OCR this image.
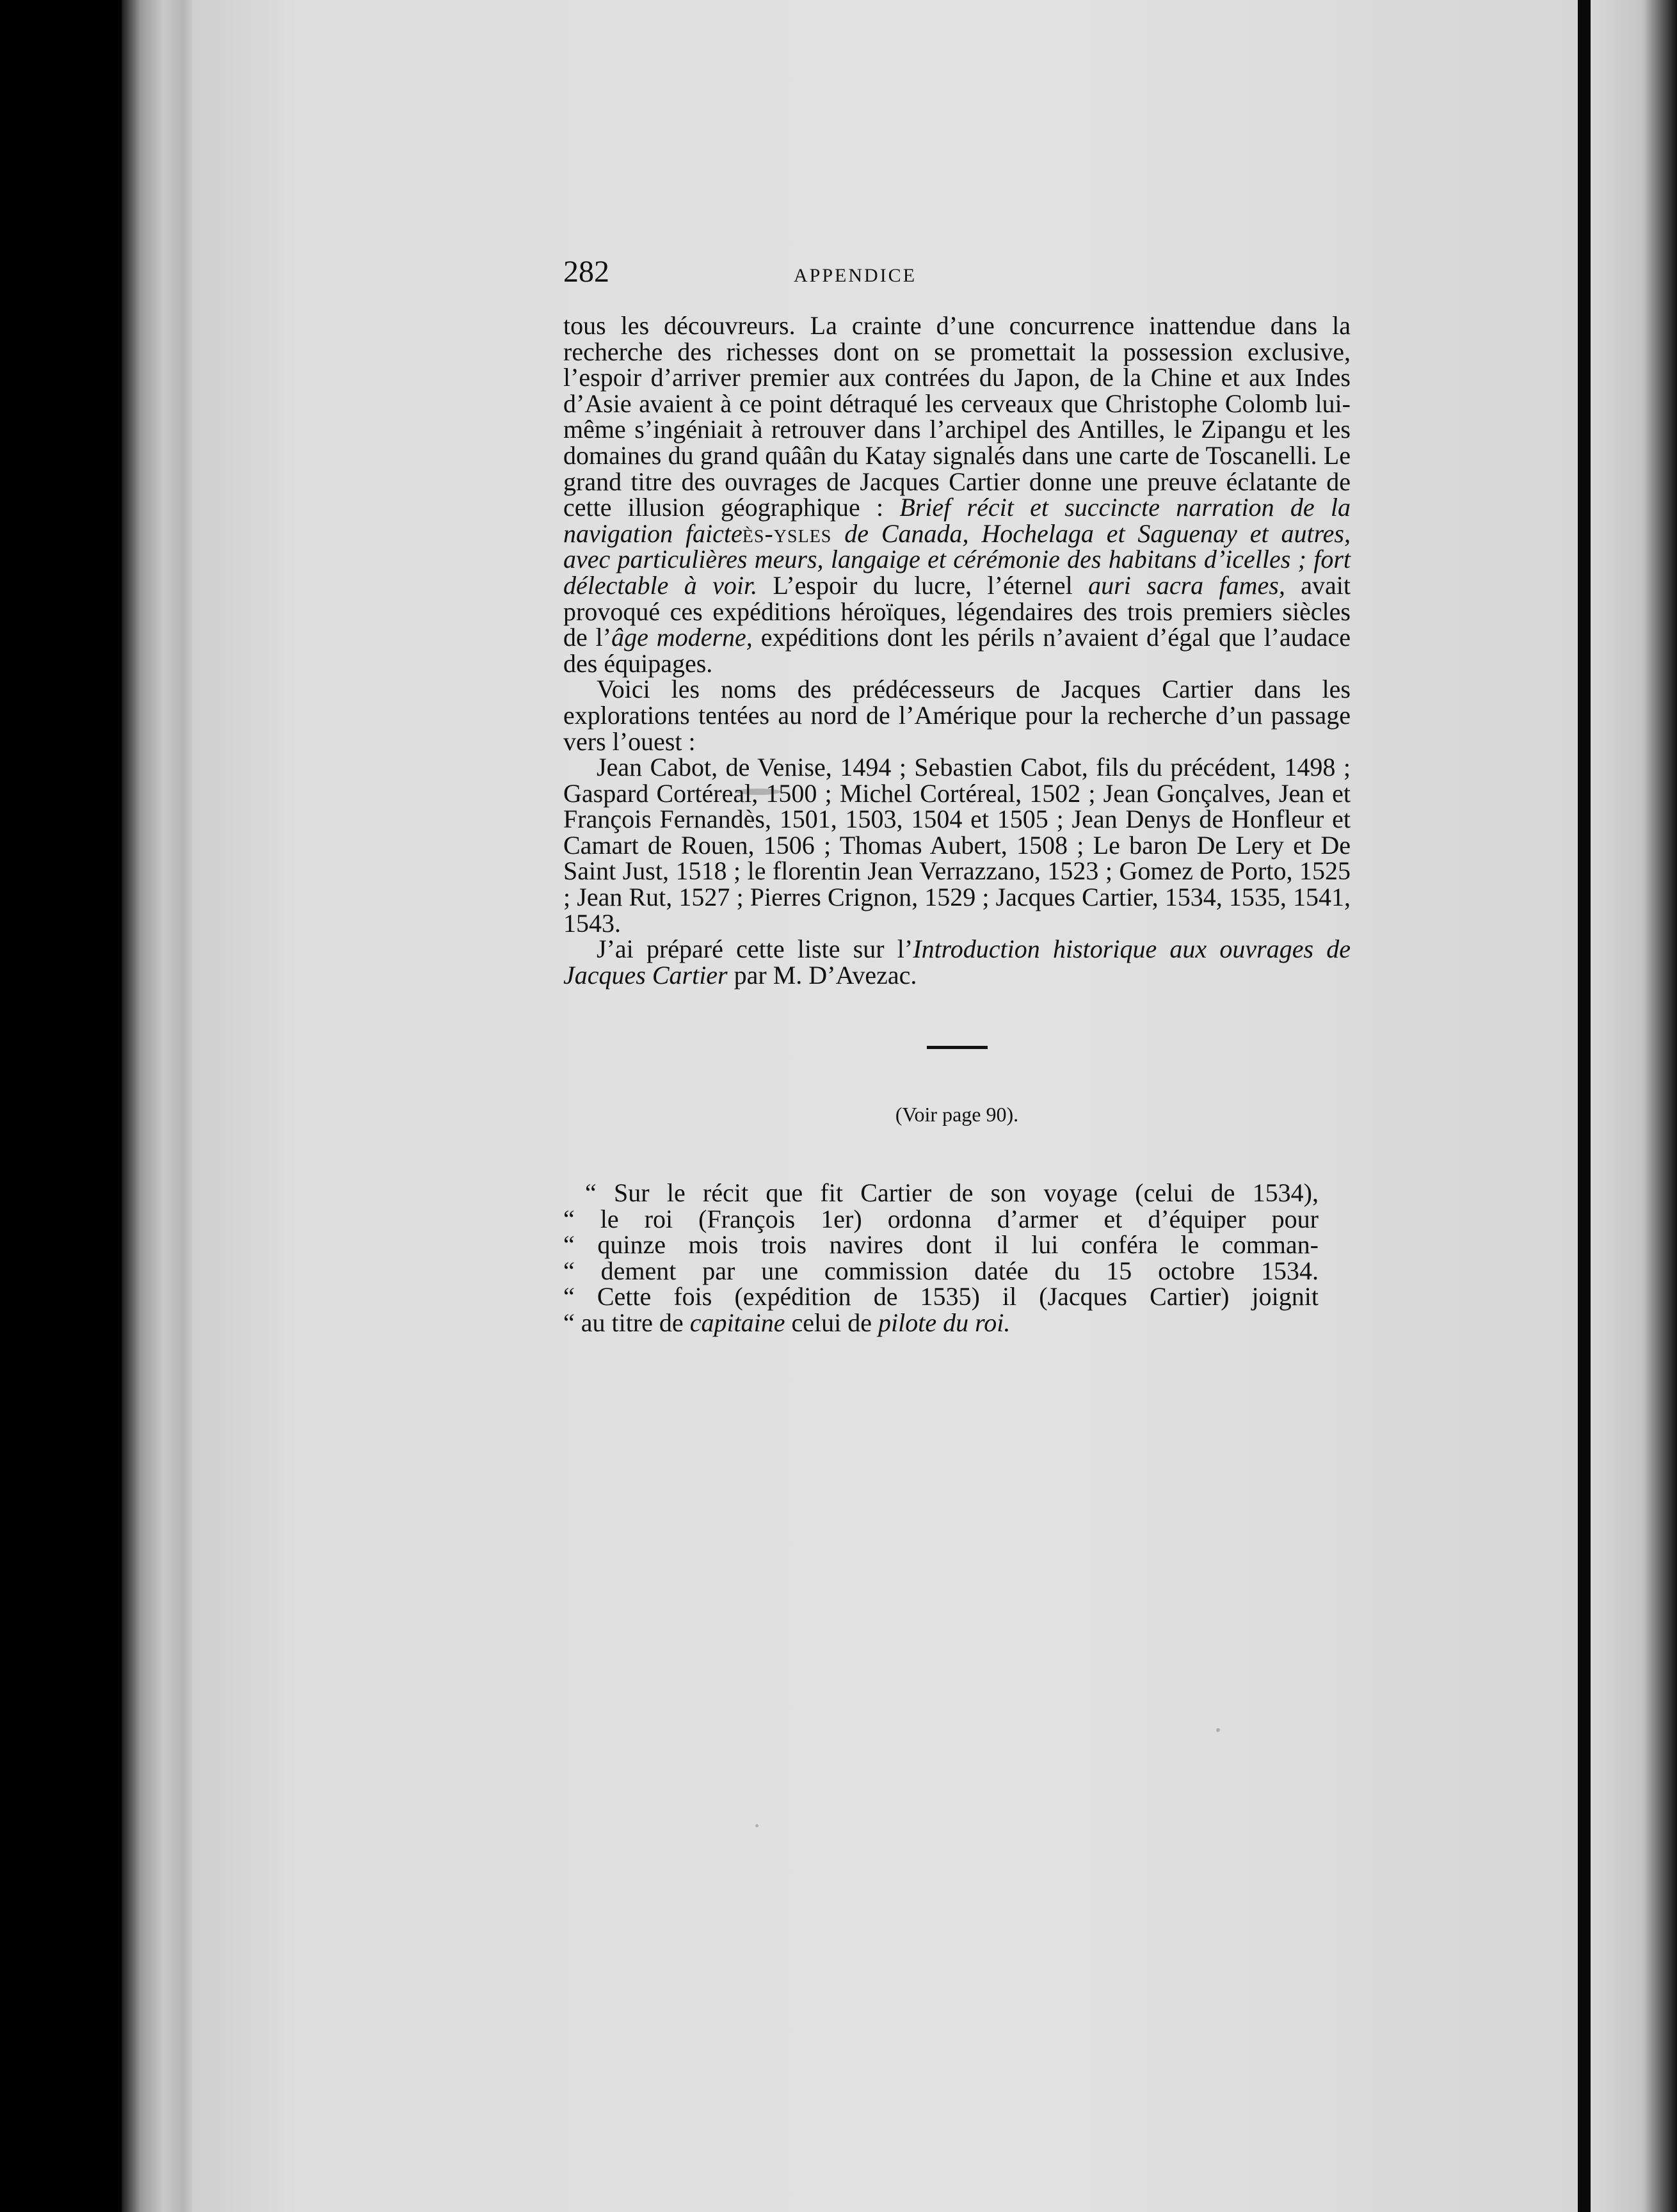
282	APPENDICE

tous les découvreurs. La crainte d’une concurrence inattendue dans la recherche des richesses dont on se promettait la possession exclusive, l’espoir d’arriver premier aux contrées du Japon, de la Chine et aux Indes d’Asie avaient à ce point détraqué les cerveaux que Christophe Colomb lui-même s’ingéniait à retrouver dans l’archipel des Antilles, le Zipangu et les domaines du grand quâân du Katay signalés dans une carte de Toscanelli. Le grand titre des ouvrages de Jacques Cartier donne une preuve éclatante de cette illusion géographique : Brief récit et succincte narration de la navigation faicteès-ysles de Canada, Hochelaga et Saguenay et autres, avec particulières meurs, langaige et cérémonie des habitans d’icelles ; fort délectable à voir. L’espoir du lucre, l’éternel auri sacra fames, avait provoqué ces expéditions héroïques, légendaires des trois premiers siècles de l’âge moderne, expéditions dont les périls n’avaient d’égal que l’audace des équipages.

Voici les noms des prédécesseurs de Jacques Cartier dans les explorations tentées au nord de l’Amérique pour la recherche d’un passage vers l’ouest :

Jean Cabot, de Venise, 1494 ; Sebastien Cabot, fils du précédent, 1498 ; Gaspard Cortéreal, 1500 ; Michel Cortéreal, 1502 ; Jean Gonçalves, Jean et François Fernandès, 1501, 1503, 1504 et 1505 ; Jean Denys de Honfleur et Camart de Rouen, 1506 ; Thomas Aubert, 1508 ; Le baron De Lery et De Saint Just, 1518 ; le florentin Jean Verrazzano, 1523 ; Gomez de Porto, 1525 ; Jean Rut, 1527 ; Pierres Crignon, 1529 ; Jacques Cartier, 1534, 1535, 1541, 1543.

J’ai préparé cette liste sur l’Introduction historique aux ouvrages de Jacques Cartier par M. D’Avezac.

(Voir page 90).
“ Sur le récit que fit Cartier de son voyage (celui de 1534),
“ le roi (François 1er) ordonna d’armer et d’équiper pour
“ quinze mois trois navires dont il lui conféra le comman-
“ dement par une commission datée du 15 octobre 1534.
“ Cette fois (expédition de 1535) il (Jacques Cartier) joignit
“ au titre de capitaine celui de pilote du roi.
